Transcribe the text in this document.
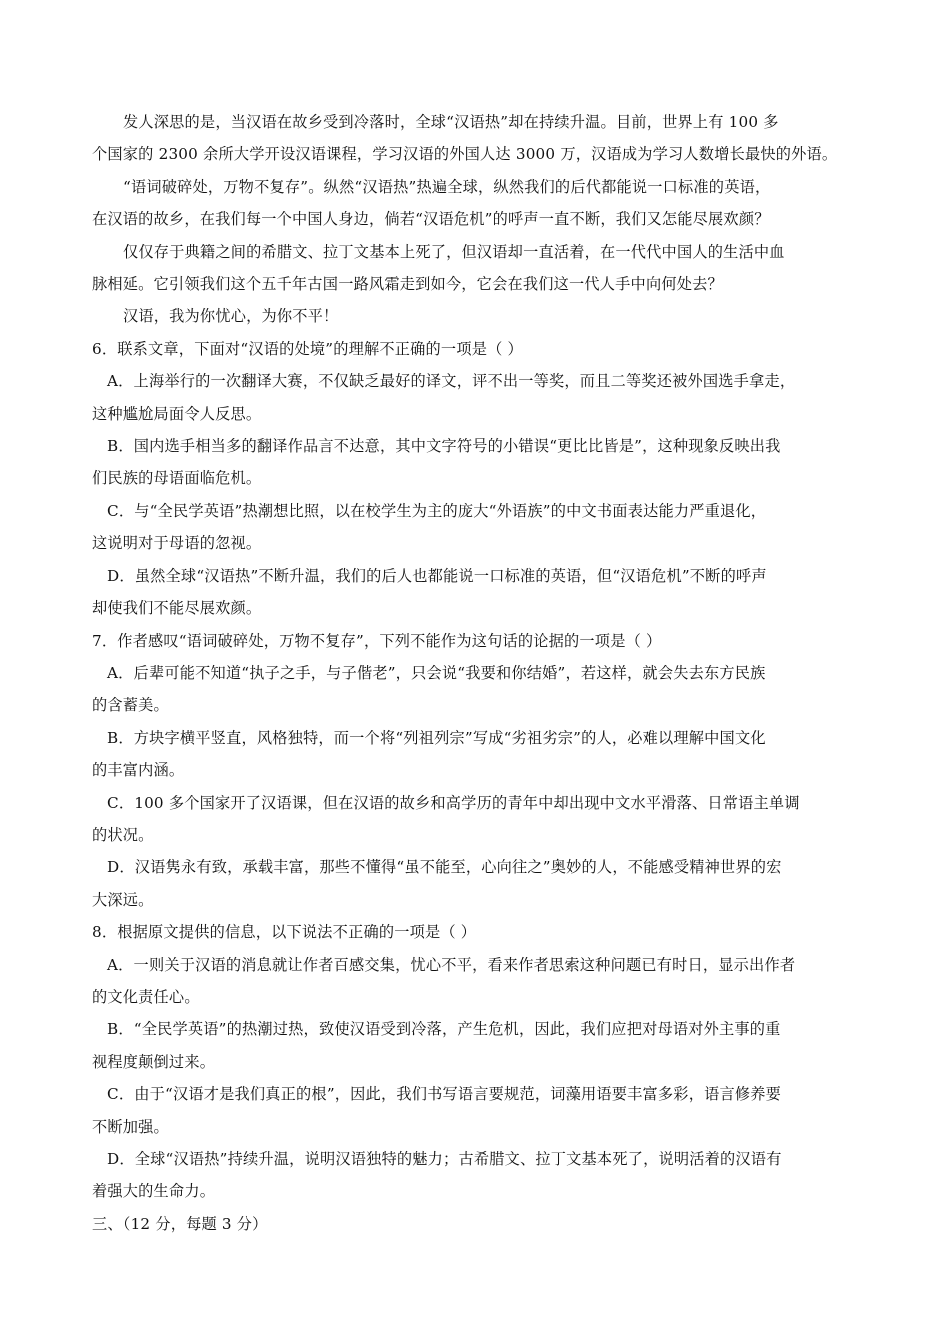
发人深思的是，当汉语在故乡受到冷落时，全球“汉语热”却在持续升温。目前，世界上有 100 多
个国家的 2300 余所大学开设汉语课程，学习汉语的外国人达 3000 万，汉语成为学习人数增长最快的外语。
“语词破碎处，万物不复存”。纵然“汉语热”热遍全球，纵然我们的后代都能说一口标准的英语，
在汉语的故乡，在我们每一个中国人身边，倘若“汉语危机”的呼声一直不断，我们又怎能尽展欢颜？
仅仅存于典籍之间的希腊文、拉丁文基本上死了，但汉语却一直活着，在一代代中国人的生活中血
脉相延。它引领我们这个五千年古国一路风霜走到如今，它会在我们这一代人手中向何处去？
汉语，我为你忧心，为你不平！
6．联系文章，下面对“汉语的处境”的理解不正确的一项是（ ）
A．上海举行的一次翻译大赛，不仅缺乏最好的译文，评不出一等奖，而且二等奖还被外国选手拿走，
这种尴尬局面令人反思。
B．国内选手相当多的翻译作品言不达意，其中文字符号的小错误“更比比皆是”，这种现象反映出我
们民族的母语面临危机。
C．与“全民学英语”热潮想比照，以在校学生为主的庞大“外语族”的中文书面表达能力严重退化，
这说明对于母语的忽视。
D．虽然全球“汉语热”不断升温，我们的后人也都能说一口标准的英语，但“汉语危机”不断的呼声
却使我们不能尽展欢颜。
7．作者感叹“语词破碎处，万物不复存”，下列不能作为这句话的论据的一项是（ ）
A．后辈可能不知道“执子之手，与子偕老”，只会说“我要和你结婚”，若这样，就会失去东方民族
的含蓄美。
B．方块字横平竖直，风格独特，而一个将“列祖列宗”写成“劣祖劣宗”的人，必难以理解中国文化
的丰富内涵。
C．100 多个国家开了汉语课，但在汉语的故乡和高学历的青年中却出现中文水平滑落、日常语主单调
的状况。
D．汉语隽永有致，承载丰富，那些不懂得“虽不能至，心向往之”奥妙的人，不能感受精神世界的宏
大深远。
8．根据原文提供的信息，以下说法不正确的一项是（ ）
A．一则关于汉语的消息就让作者百感交集，忧心不平，看来作者思索这种问题已有时日，显示出作者
的文化责任心。
B．“全民学英语”的热潮过热，致使汉语受到冷落，产生危机，因此，我们应把对母语对外主事的重
视程度颠倒过来。
C．由于“汉语才是我们真正的根”，因此，我们书写语言要规范，词藻用语要丰富多彩，语言修养要
不断加强。
D．全球“汉语热”持续升温，说明汉语独特的魅力；古希腊文、拉丁文基本死了，说明活着的汉语有
着强大的生命力。
三、（12 分，每题 3 分）
